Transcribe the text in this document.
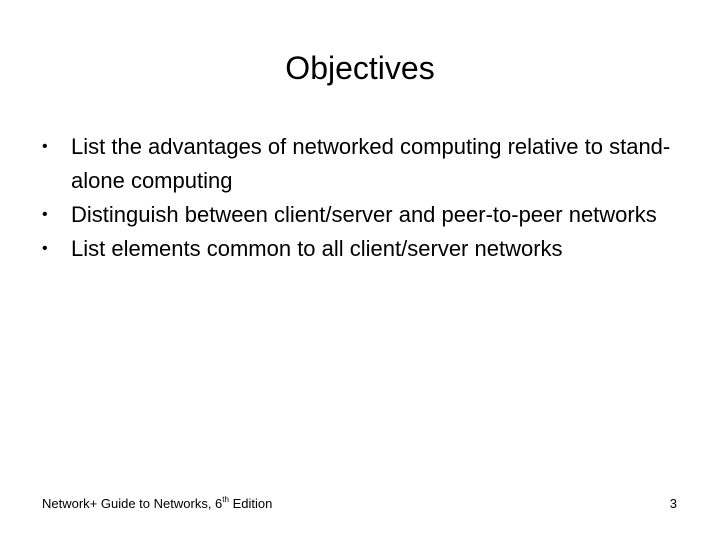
Objectives
• List the advantages of networked computing relative to stand-alone computing
• Distinguish between client/server and peer-to-peer networks
• List elements common to all client/server networks
Network+ Guide to Networks, 6th Edition	3
